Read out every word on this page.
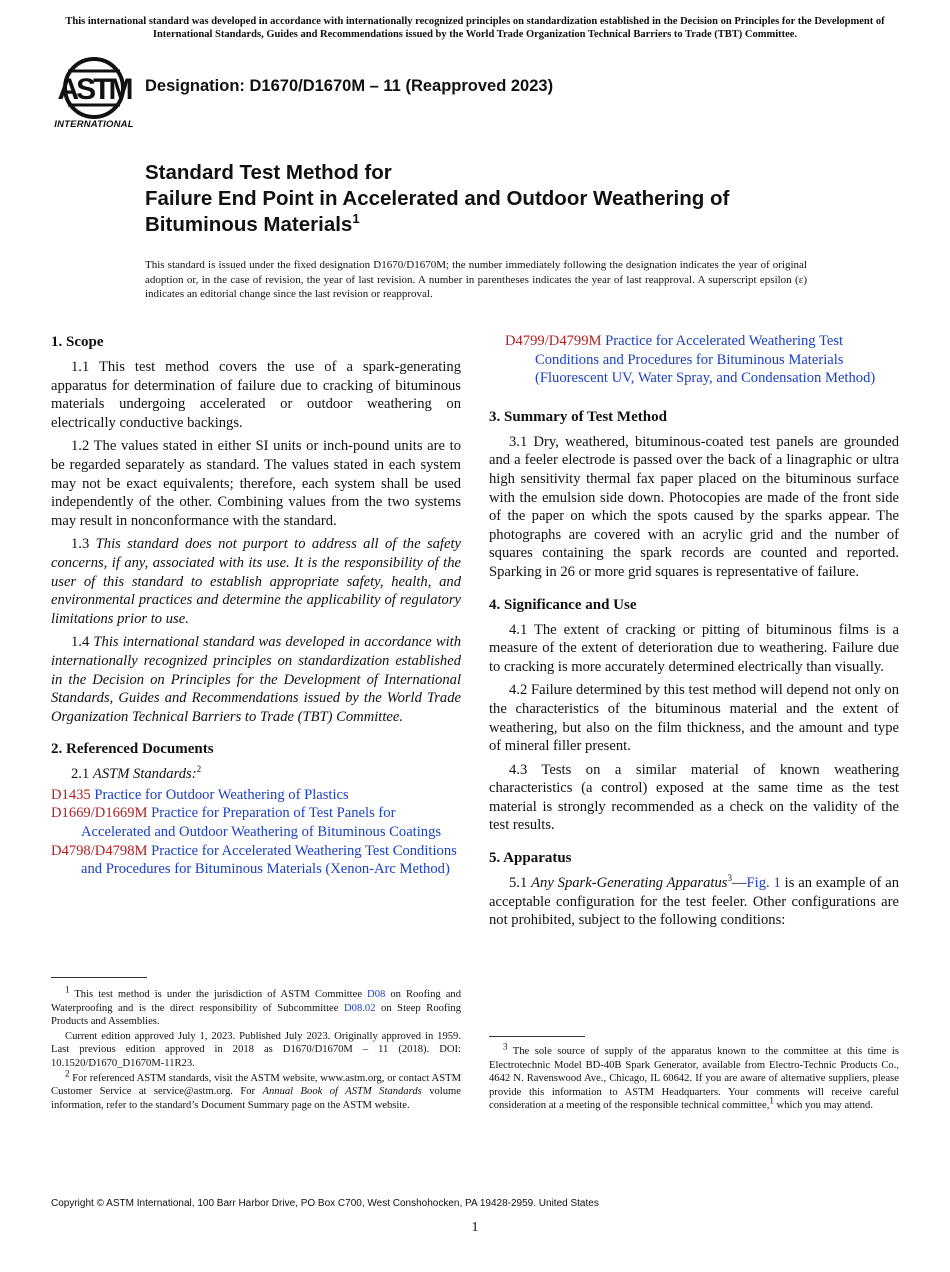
This international standard was developed in accordance with internationally recognized principles on standardization established in the Decision on Principles for the Development of International Standards, Guides and Recommendations issued by the World Trade Organization Technical Barriers to Trade (TBT) Committee.
ASTM
INTERNATIONAL
Designation: D1670/D1670M – 11 (Reapproved 2023)
Standard Test Method for
Failure End Point in Accelerated and Outdoor Weathering of
Bituminous Materials$^1$
This standard is issued under the fixed designation D1670/D1670M; the number immediately following the designation indicates the year of original adoption or, in the case of revision, the year of last revision. A number in parentheses indicates the year of last reapproval. A superscript epsilon (ε) indicates an editorial change since the last revision or reapproval.
1. Scope

1.1 This test method covers the use of a spark-generating apparatus for determination of failure due to cracking of bituminous materials undergoing accelerated or outdoor weathering on electrically conductive backings.

1.2 The values stated in either SI units or inch-pound units are to be regarded separately as standard. The values stated in each system may not be exact equivalents; therefore, each system shall be used independently of the other. Combining values from the two systems may result in nonconformance with the standard.

1.3 This standard does not purport to address all of the safety concerns, if any, associated with its use. It is the responsibility of the user of this standard to establish appropriate safety, health, and environmental practices and determine the applicability of regulatory limitations prior to use.

1.4 This international standard was developed in accordance with internationally recognized principles on standardization established in the Decision on Principles for the Development of International Standards, Guides and Recommendations issued by the World Trade Organization Technical Barriers to Trade (TBT) Committee.

2. Referenced Documents
2.1 ASTM Standards:$^2$
D1435 Practice for Outdoor Weathering of Plastics
D1669/D1669M Practice for Preparation of Test Panels for Accelerated and Outdoor Weathering of Bituminous Coatings
D4798/D4798M Practice for Accelerated Weathering Test Conditions and Procedures for Bituminous Materials (Xenon-Arc Method)

$^1$ This test method is under the jurisdiction of ASTM Committee D08 on Roofing and Waterproofing and is the direct responsibility of Subcommittee D08.02 on Steep Roofing Products and Assemblies.

Current edition approved July 1, 2023. Published July 2023. Originally approved in 1959. Last previous edition approved in 2018 as D1670/D1670M – 11 (2018). DOI: 10.1520/D1670_D1670M-11R23.

$^2$ For referenced ASTM standards, visit the ASTM website, www.astm.org, or contact ASTM Customer Service at service@astm.org. For Annual Book of ASTM Standards volume information, refer to the standard’s Document Summary page on the ASTM website.

D4799/D4799M Practice for Accelerated Weathering Test Conditions and Procedures for Bituminous Materials (Fluorescent UV, Water Spray, and Condensation Method)
3. Summary of Test Method

3.1 Dry, weathered, bituminous-coated test panels are grounded and a feeler electrode is passed over the back of a linagraphic or ultra high sensitivity thermal fax paper placed on the bituminous surface with the emulsion side down. Photocopies are made of the front side of the paper on which the spots caused by the sparks appear. The photographs are covered with an acrylic grid and the number of squares containing the spark records are counted and reported. Sparking in 26 or more grid squares is representative of failure.

4. Significance and Use

4.1 The extent of cracking or pitting of bituminous films is a measure of the extent of deterioration due to weathering. Failure due to cracking is more accurately determined electrically than visually.

4.2 Failure determined by this test method will depend not only on the characteristics of the bituminous material and the extent of weathering, but also on the film thickness, and the amount and type of mineral filler present.

4.3 Tests on a similar material of known weathering characteristics (a control) exposed at the same time as the test material is strongly recommended as a check on the validity of the test results.

5. Apparatus

5.1 Any Spark-Generating Apparatus$^3$—Fig. 1 is an example of an acceptable configuration for the test feeler. Other configurations are not prohibited, subject to the following conditions:

$^3$ The sole source of supply of the apparatus known to the committee at this time is Electrotechnic Model BD-40B Spark Generator, available from Electro-Technic Products Co., 4642 N. Ravenswood Ave., Chicago, IL 60642. If you are aware of alternative suppliers, please provide this information to ASTM Headquarters. Your comments will receive careful consideration at a meeting of the responsible technical committee,$^1$ which you may attend.

Copyright © ASTM International, 100 Barr Harbor Drive, PO Box C700, West Conshohocken, PA 19428-2959. United States
1
